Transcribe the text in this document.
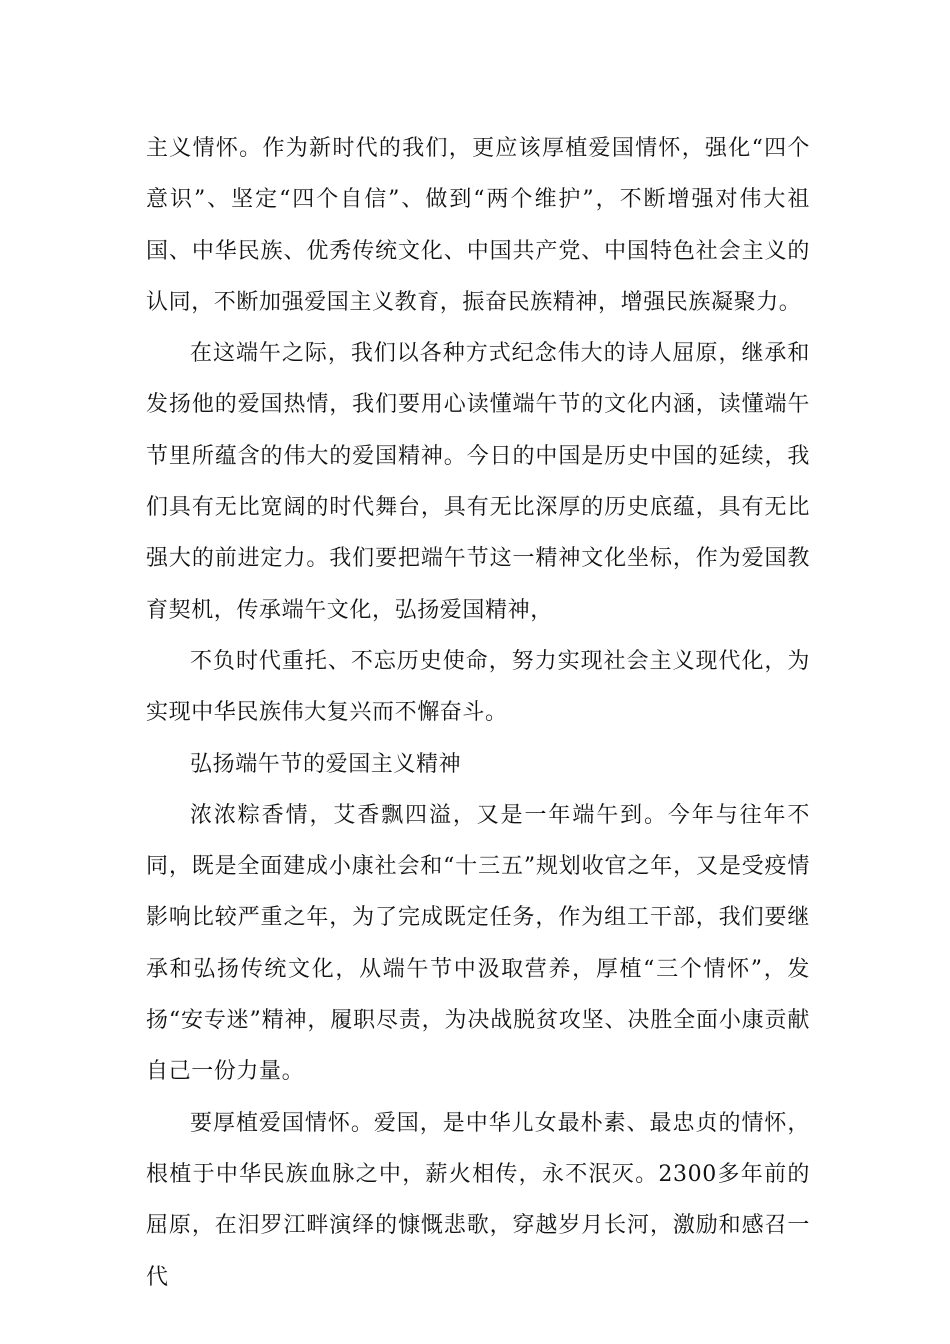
主义情怀。作为新时代的我们，更应该厚植爱国情怀，强化“四个意识”、坚定“四个自信”、做到“两个维护”，不断增强对伟大祖国、中华民族、优秀传统文化、中国共产党、中国特色社会主义的认同，不断加强爱国主义教育，振奋民族精神，增强民族凝聚力。

在这端午之际，我们以各种方式纪念伟大的诗人屈原，继承和发扬他的爱国热情，我们要用心读懂端午节的文化内涵，读懂端午节里所蕴含的伟大的爱国精神。今日的中国是历史中国的延续，我们具有无比宽阔的时代舞台，具有无比深厚的历史底蕴，具有无比强大的前进定力。我们要把端午节这一精神文化坐标，作为爱国教育契机，传承端午文化，弘扬爱国精神，

不负时代重托、不忘历史使命，努力实现社会主义现代化，为实现中华民族伟大复兴而不懈奋斗。

弘扬端午节的爱国主义精神

浓浓粽香情，艾香飘四溢，又是一年端午到。今年与往年不同，既是全面建成小康社会和“十三五”规划收官之年，又是受疫情影响比较严重之年，为了完成既定任务，作为组工干部，我们要继承和弘扬传统文化，从端午节中汲取营养，厚植“三个情怀”，发扬“安专迷”精神，履职尽责，为决战脱贫攻坚、决胜全面小康贡献自己一份力量。

要厚植爱国情怀。爱国，是中华儿女最朴素、最忠贞的情怀，根植于中华民族血脉之中，薪火相传，永不泯灭。2300多年前的屈原，在汨罗江畔演绎的慷慨悲歌，穿越岁月长河，激励和感召一代
